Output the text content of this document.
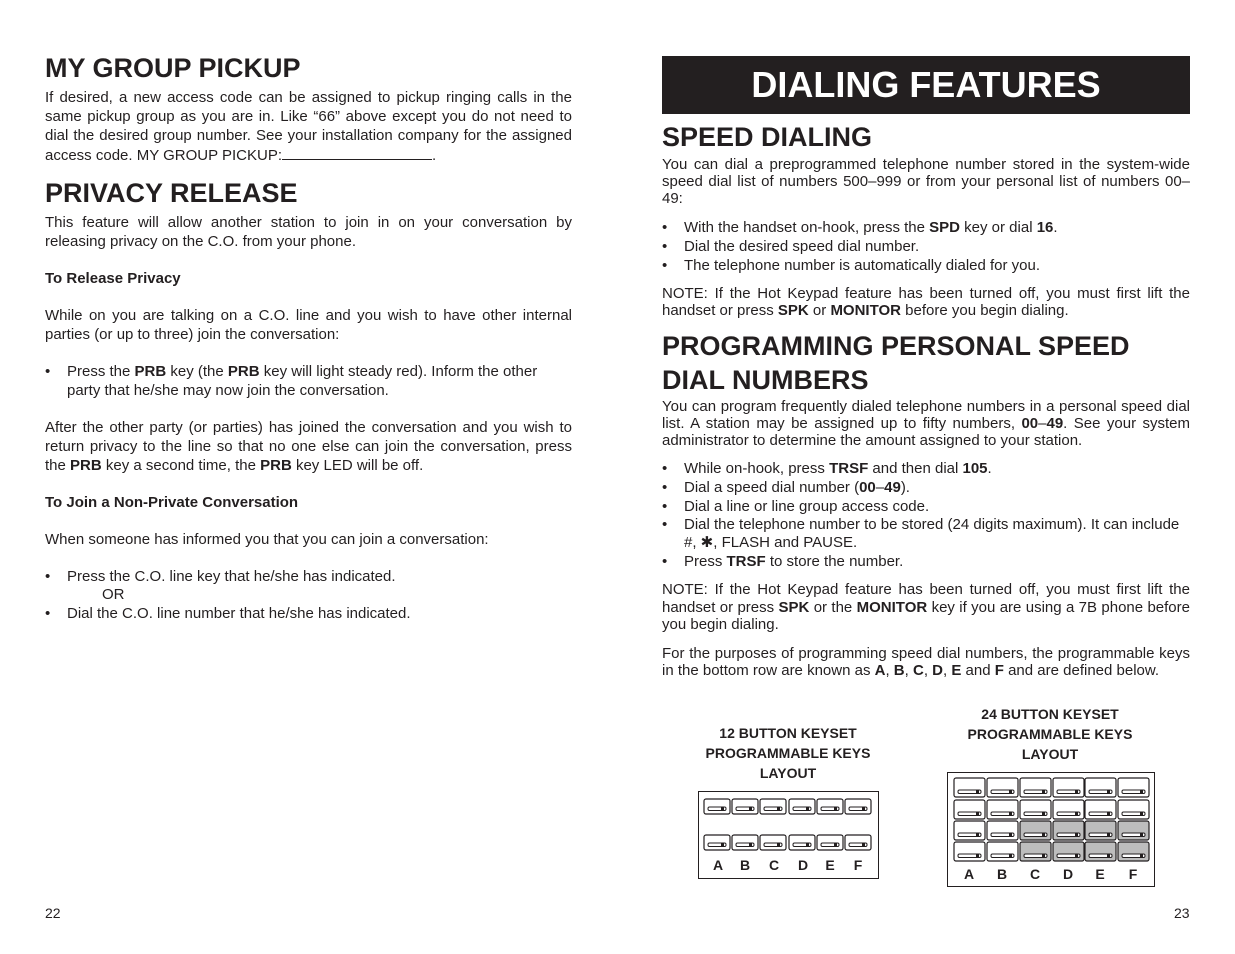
MY GROUP PICKUP

If desired, a new access code can be assigned to pickup ringing calls in the same pickup group as you are in. Like “66” above except you do not need to dial the desired group number. See your installation company for the assigned access code. MY GROUP PICKUP:	.

PRIVACY RELEASE

This feature will allow another station to join in on your conversation by releasing privacy on the C.O. from your phone.

To Release Privacy

While on you are talking on a C.O. line and you wish to have other internal parties (or up to three) join the conversation:

• Press the PRB key (the PRB key will light steady red). Inform the other party that he/she may now join the conversation.

After the other party (or parties) has joined the conversation and you wish to return privacy to the line so that no one else can join the conversation, press the PRB key a second time, the PRB key LED will be off.

To Join a Non-Private Conversation

When someone has informed you that you can join a conversation:

• Press the C.O. line key that he/she has indicated.
OR
• Dial the C.O. line number that he/she has indicated.
22
DIALING FEATURES
SPEED DIALING

You can dial a preprogrammed telephone number stored in the system-wide speed dial list of numbers 500–999 or from your personal list of numbers 00–49:

• With the handset on-hook, press the SPD key or dial 16.
• Dial the desired speed dial number.
• The telephone number is automatically dialed for you.

NOTE: If the Hot Keypad feature has been turned off, you must first lift the handset or press SPK or MONITOR before you begin dialing.

PROGRAMMING PERSONAL SPEED DIAL NUMBERS

You can program frequently dialed telephone numbers in a personal speed dial list. A station may be assigned up to fifty numbers, 00–49. See your system administrator to determine the amount assigned to your station.

• While on-hook, press TRSF and then dial 105.
• Dial a speed dial number (00–49).
• Dial a line or line group access code.
• Dial the telephone number to be stored (24 digits maximum). It can include #, ✱, FLASH and PAUSE.
• Press TRSF to store the number.

NOTE: If the Hot Keypad feature has been turned off, you must first lift the handset or press SPK or the MONITOR key if you are using a 7B phone before you begin dialing.

For the purposes of programming speed dial numbers, the programmable keys in the bottom row are known as A, B, C, D, E and F and are defined below.

12 BUTTON KEYSET
PROGRAMMABLE KEYS
LAYOUT
24 BUTTON KEYSET
PROGRAMMABLE KEYS
LAYOUT
A	B	C	D	E	F
A	B	C	D	E	F
23
